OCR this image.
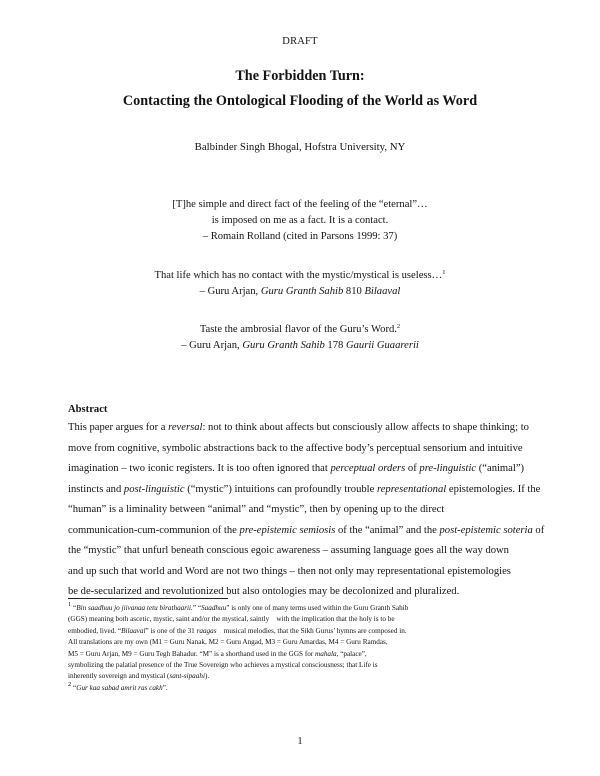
DRAFT
The Forbidden Turn:
Contacting the Ontological Flooding of the World as Word
Balbinder Singh Bhogal, Hofstra University, NY
[T]he simple and direct fact of the feeling of the “eternal”…
is imposed on me as a fact. It is a contact.
– Romain Rolland (cited in Parsons 1999: 37)
That life which has no contact with the mystic/mystical is useless…$^1$
– Guru Arjan, Guru Granth Sahib 810 Bilaaval
Taste the ambrosial flavor of the Guru’s Word.$^2$
– Guru Arjan, Guru Granth Sahib 178 Gaurii Guaarerii
Abstract
This paper argues for a reversal: not to think about affects but consciously allow affects to shape thinking; to
move from cognitive, symbolic abstractions back to the affective body’s perceptual sensorium and intuitive
imagination – two iconic registers. It is too often ignored that perceptual orders of pre-linguistic (“animal”)
instincts and post-linguistic (“mystic”) intuitions can profoundly trouble representational epistemologies. If the
“human” is a liminality between “animal” and “mystic”, then by opening up to the direct
communication-cum-communion of the pre-epistemic semiosis of the “animal” and the post-epistemic soteria of
the “mystic” that unfurl beneath conscious egoic awareness – assuming language goes all the way down
and up such that world and Word are not two things – then not only may representational epistemologies
be de-secularized and revolutionized but also ontologies may be decolonized and pluralized.
$^1$ “Bin saadhuu jo jiivanaa tetu birathaarii.” “Saadhuu” is only one of many terms used within the Guru Granth Sahib
(GGS) meaning both ascetic, mystic, saint and/or the mystical, saintly    with the implication that the holy is to be
embodied, lived. “Bilaaval” is one of the 31 raagas    musical melodies, that the Sikh Gurus’ hymns are composed in.
All translations are my own (M1 = Guru Nanak, M2 = Guru Angad, M3 = Guru Amardas, M4 = Guru Ramdas,
M5 = Guru Arjan, M9 = Guru Tegh Bahadur. “M” is a shorthand used in the GGS for mahala, “palace”,
symbolizing the palatial presence of the True Sovereign who achieves a mystical consciousness; that Life is
inherently sovereign and mystical (sant-sipaahi).
$^2$ “Gur kaa sabad amrit ras cakh”.
1
